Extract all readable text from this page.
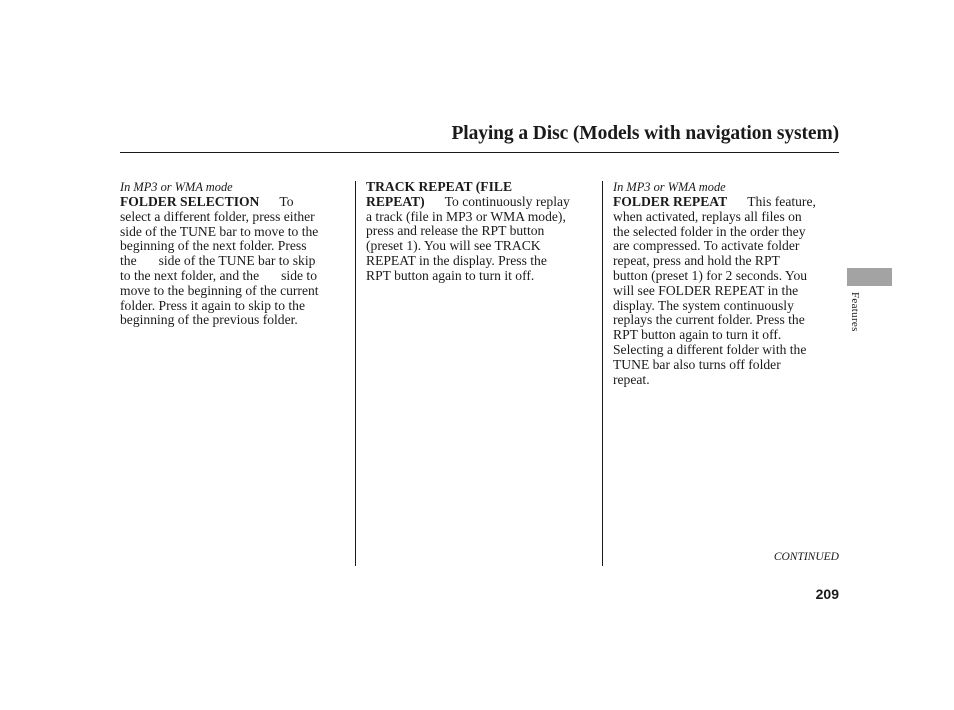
Playing a Disc (Models with navigation system)
In MP3 or WMA mode
FOLDER SELECTION To
select a different folder, press either
side of the TUNE bar to move to the
beginning of the next folder. Press
the side of the TUNE bar to skip
to the next folder, and the side to
move to the beginning of the current
folder. Press it again to skip to the
beginning of the previous folder.
TRACK REPEAT (FILE
REPEAT) To continuously replay
a track (file in MP3 or WMA mode),
press and release the RPT button
(preset 1). You will see TRACK
REPEAT in the display. Press the
RPT button again to turn it off.
In MP3 or WMA mode
FOLDER REPEAT This feature,
when activated, replays all files on
the selected folder in the order they
are compressed. To activate folder
repeat, press and hold the RPT
button (preset 1) for 2 seconds. You
will see FOLDER REPEAT in the
display. The system continuously
replays the current folder. Press the
RPT button again to turn it off.
Selecting a different folder with the
TUNE bar also turns off folder
repeat.
Features
CONTINUED
209
